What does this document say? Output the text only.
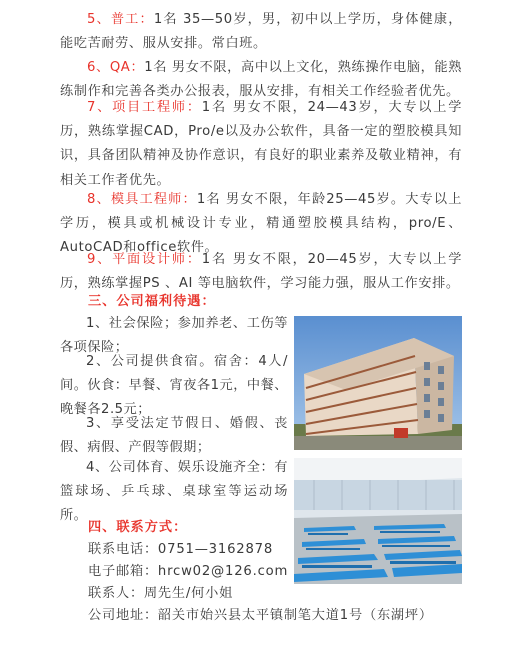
5、普工：1名 35—50岁，男，初中以上学历，身体健康，能吃苦耐劳、服从安排。常白班。
6、QA：1名 男女不限，高中以上文化，熟练操作电脑，能熟练制作和完善各类办公报表，服从安排，有相关工作经验者优先。
7、项目工程师：1名 男女不限，24—43岁，大专以上学历，熟练掌握CAD，Pro/e以及办公软件，具备一定的塑胶模具知识，具备团队精神及协作意识，有良好的职业素养及敬业精神，有相关工作者优先。
8、模具工程师：1名 男女不限，年龄25—45岁。大专以上学历，模具或机械设计专业，精通塑胶模具结构，pro/E、AutoCAD和office软件。
9、平面设计师：1名 男女不限，20—45岁，大专以上学历，熟练掌握PS 、AI 等电脑软件，学习能力强，服从工作安排。
三、公司福利待遇：
1、社会保险；参加养老、工伤等各项保险；
2、公司提供食宿。宿舍：4人/间。伙食：早餐、宵夜各1元，中餐、晚餐各2.5元；
3、享受法定节假日、婚假、丧假、病假、产假等假期；
4、公司体育、娱乐设施齐全：有篮球场、乒乓球、桌球室等运动场所。
四、联系方式：
联系电话：0751—3162878
电子邮箱：hrcw02@126.com
联系人：周先生/何小姐
公司地址：韶关市始兴县太平镇制笔大道1号（东湖坪）
